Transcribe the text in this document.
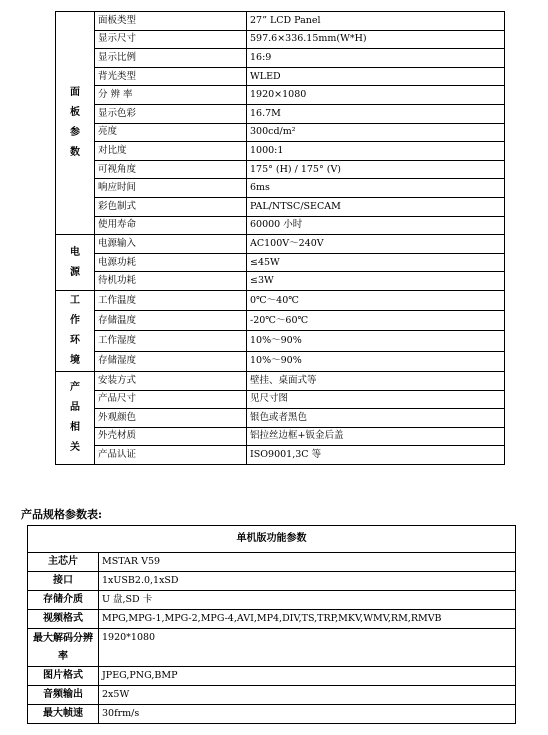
面
板
参
数	面板类型	27” LCD Panel
	显示尺寸	597.6×336.15mm(W*H)
	显示比例	16:9
	背光类型	WLED
	分 辨 率	1920×1080
	显示色彩	16.7M
	亮度	300cd/m²
	对比度	1000:1
	可视角度	175° (H) / 175° (V)
	响应时间	6ms
	彩色制式	PAL/NTSC/SECAM
	使用寿命	60000 小时

电
源	电源输入	AC100V～240V
	电源功耗	≤45W
	待机功耗	≤3W

工
作
环
境	工作温度	0℃～40℃
	存储温度	-20℃～60℃
	工作湿度	10%～90%
	存储湿度	10%～90%

产
品
相
关	安装方式	壁挂、桌面式等
	产品尺寸	见尺寸图
	外观颜色	银色或者黑色
	外壳材质	铝拉丝边框+钣金后盖
	产品认证	ISO9001,3C 等
产品规格参数表:
单机版功能参数	
主芯片	MSTAR V59
接口	1xUSB2.0,1xSD
存储介质	U 盘,SD 卡
视频格式	MPG,MPG-1,MPG-2,MPG-4,AVI,MP4,DIV,TS,TRP,MKV,WMV,RM,RMVB
最大解码分辨率	1920*1080
图片格式	JPEG,PNG,BMP
音频输出	2x5W
最大帧速	30frm/s
